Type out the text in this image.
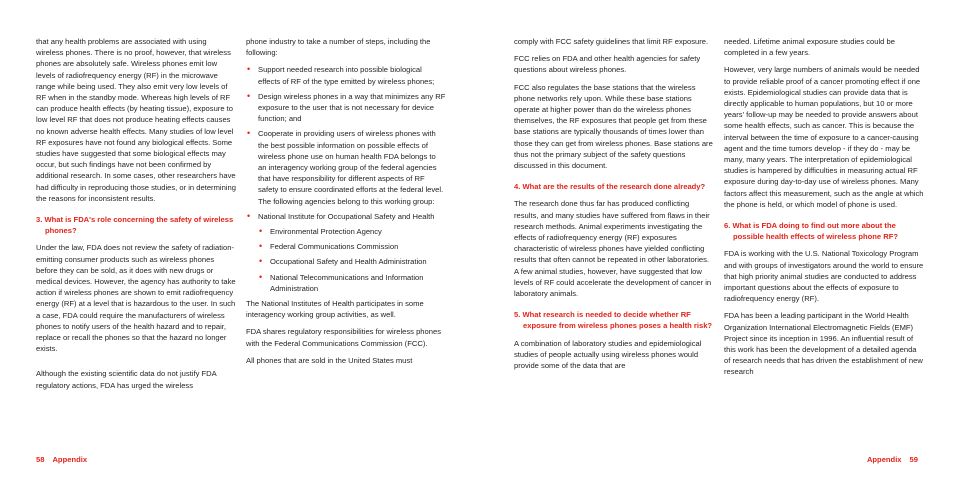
that any health problems are associated with using wireless phones. There is no proof, however, that wireless phones are absolutely safe. Wireless phones emit low levels of radiofrequency energy (RF) in the microwave range while being used. They also emit very low levels of RF when in the standby mode. Whereas high levels of RF can produce health effects (by heating tissue), exposure to low level RF that does not produce heating effects causes no known adverse health effects. Many studies of low level RF exposures have not found any biological effects. Some studies have suggested that some biological effects may occur, but such findings have not been confirmed by additional research. In some cases, other researchers have had difficulty in reproducing those studies, or in determining the reasons for inconsistent results.

3. What is FDA's role concerning the safety of wireless phones?

Under the law, FDA does not review the safety of radiation-emitting consumer products such as wireless phones before they can be sold, as it does with new drugs or medical devices. However, the agency has authority to take action if wireless phones are shown to emit radiofrequency energy (RF) at a level that is hazardous to the user. In such a case, FDA could require the manufacturers of wireless phones to notify users of the health hazard and to repair, replace or recall the phones so that the hazard no longer exists.

Although the existing scientific data do not justify FDA regulatory actions, FDA has urged the wireless

phone industry to take a number of steps, including the following:

• Support needed research into possible biological effects of RF of the type emitted by wireless phones;
• Design wireless phones in a way that minimizes any RF exposure to the user that is not necessary for device function; and
• Cooperate in providing users of wireless phones with the best possible information on possible effects of wireless phone use on human health FDA belongs to an interagency working group of the federal agencies that have responsibility for different aspects of RF safety to ensure coordinated efforts at the federal level. The following agencies belong to this working group:
• National Institute for Occupational Safety and Health
• Environmental Protection Agency
• Federal Communications Commission
• Occupational Safety and Health Administration
• National Telecommunications and Information Administration

The National Institutes of Health participates in some interagency working group activities, as well.

FDA shares regulatory responsibilities for wireless phones with the Federal Communications Commission (FCC).

All phones that are sold in the United States must

comply with FCC safety guidelines that limit RF exposure.

FCC relies on FDA and other health agencies for safety questions about wireless phones.

FCC also regulates the base stations that the wireless phone networks rely upon. While these base stations operate at higher power than do the wireless phones themselves, the RF exposures that people get from these base stations are typically thousands of times lower than those they can get from wireless phones. Base stations are thus not the primary subject of the safety questions discussed in this document.

4. What are the results of the research done already?

The research done thus far has produced conflicting results, and many studies have suffered from flaws in their research methods. Animal experiments investigating the effects of radiofrequency energy (RF) exposures characteristic of wireless phones have yielded conflicting results that often cannot be repeated in other laboratories. A few animal studies, however, have suggested that low levels of RF could accelerate the development of cancer in laboratory animals.

5. What research is needed to decide whether RF exposure from wireless phones poses a health risk?

A combination of laboratory studies and epidemiological studies of people actually using wireless phones would provide some of the data that are

needed. Lifetime animal exposure studies could be completed in a few years.

However, very large numbers of animals would be needed to provide reliable proof of a cancer promoting effect if one exists. Epidemiological studies can provide data that is directly applicable to human populations, but 10 or more years' follow-up may be needed to provide answers about some health effects, such as cancer. This is because the interval between the time of exposure to a cancer-causing agent and the time tumors develop - if they do - may be many, many years. The interpretation of epidemiological studies is hampered by difficulties in measuring actual RF exposure during day-to-day use of wireless phones. Many factors affect this measurement, such as the angle at which the phone is held, or which model of phone is used.

6. What is FDA doing to find out more about the possible health effects of wireless phone RF?

FDA is working with the U.S. National Toxicology Program and with groups of investigators around the world to ensure that high priority animal studies are conducted to address important questions about the effects of exposure to radiofrequency energy (RF).

FDA has been a leading participant in the World Health Organization International Electromagnetic Fields (EMF) Project since its inception in 1996. An influential result of this work has been the development of a detailed agenda of research needs that has driven the establishment of new research

58 Appendix	Appendix 59
